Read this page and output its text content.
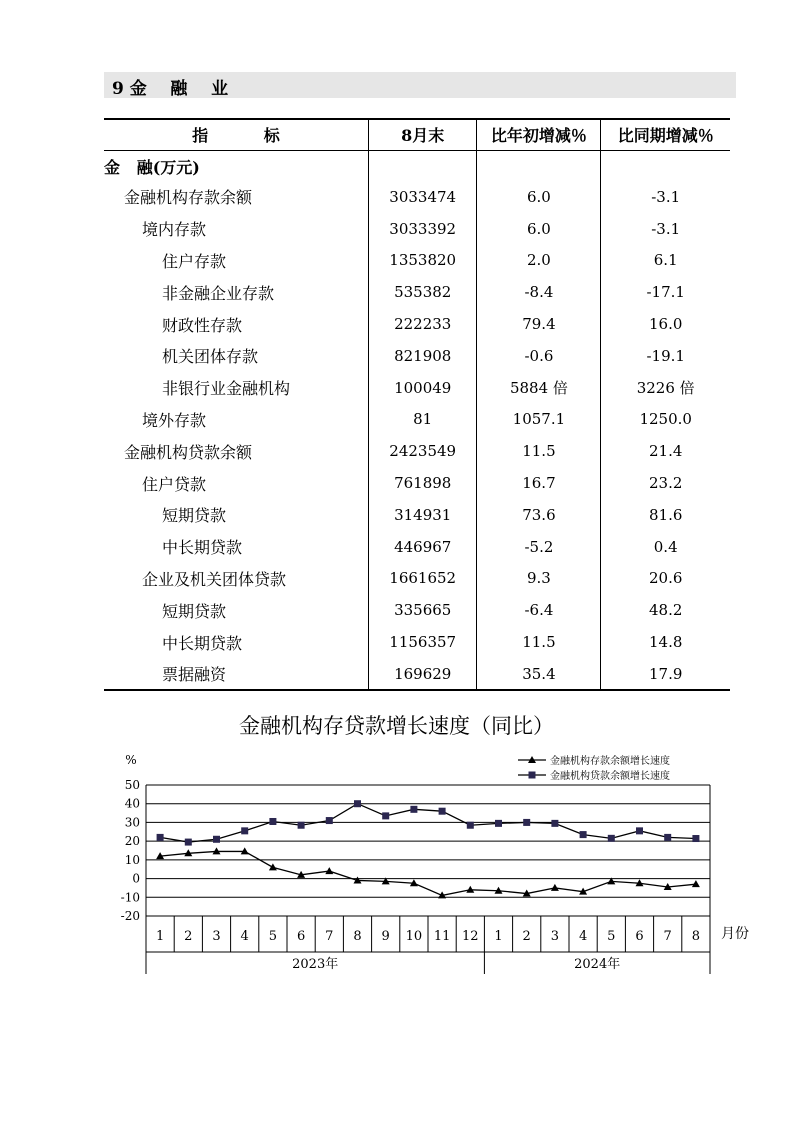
9 金    融    业
指          标	8月末	比年初增减％	比同期增减％
金   融(万元)			
金融机构存款余额	3033474	6.0	-3.1
境内存款	3033392	6.0	-3.1
住户存款	1353820	2.0	6.1
非金融企业存款	535382	-8.4	-17.1
财政性存款	222233	79.4	16.0
机关团体存款	821908	-0.6	-19.1
非银行业金融机构	100049	5884 倍	3226 倍
境外存款	81	1057.1	1250.0
金融机构贷款余额	2423549	11.5	21.4
住户贷款	761898	16.7	23.2
短期贷款	314931	73.6	81.6
中长期贷款	446967	-5.2	0.4
企业及机关团体贷款	1661652	9.3	20.6
短期贷款	335665	-6.4	48.2
中长期贷款	1156357	11.5	14.8
票据融资	169629	35.4	17.9
金融机构存贷款增长速度（同比）
50
40
30
20
10
0
-10
-20
%
1 2 3 4 5 6 7 8 9 10 11 12 1 2 3 4 5 6 7 8 月份
2023年	2024年
金融机构存款余额增长速度
金融机构贷款余额增长速度
